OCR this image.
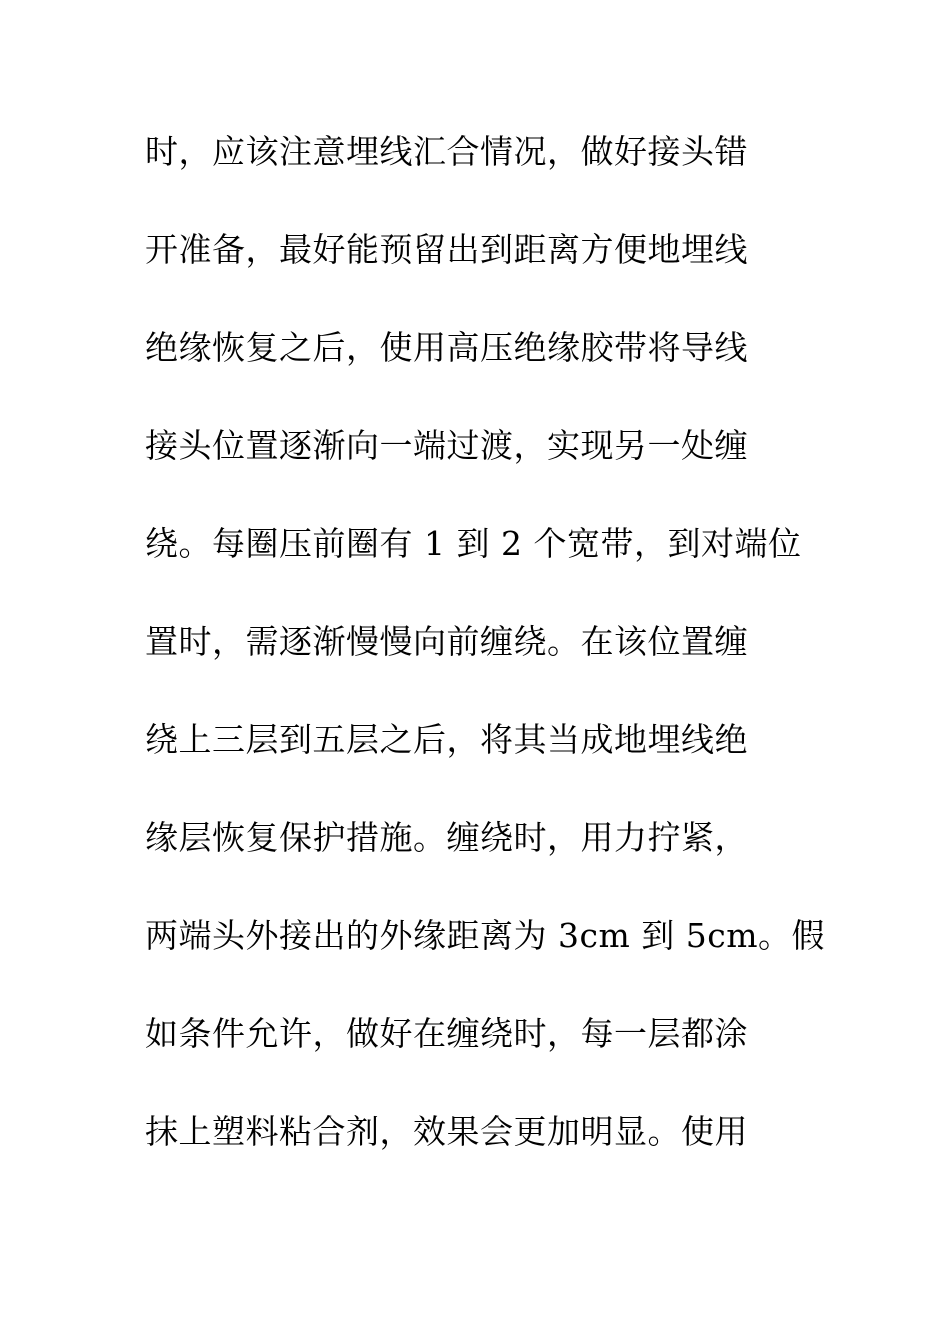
时，应该注意埋线汇合情况，做好接头错
开准备，最好能预留出到距离方便地埋线
绝缘恢复之后，使用高压绝缘胶带将导线
接头位置逐渐向一端过渡，实现另一处缠
绕。每圈压前圈有 1 到 2 个宽带，到对端位
置时，需逐渐慢慢向前缠绕。在该位置缠
绕上三层到五层之后，将其当成地埋线绝
缘层恢复保护措施。缠绕时，用力拧紧，
两端头外接出的外缘距离为 3cm 到 5cm。假
如条件允许，做好在缠绕时，每一层都涂
抹上塑料粘合剂，效果会更加明显。使用
